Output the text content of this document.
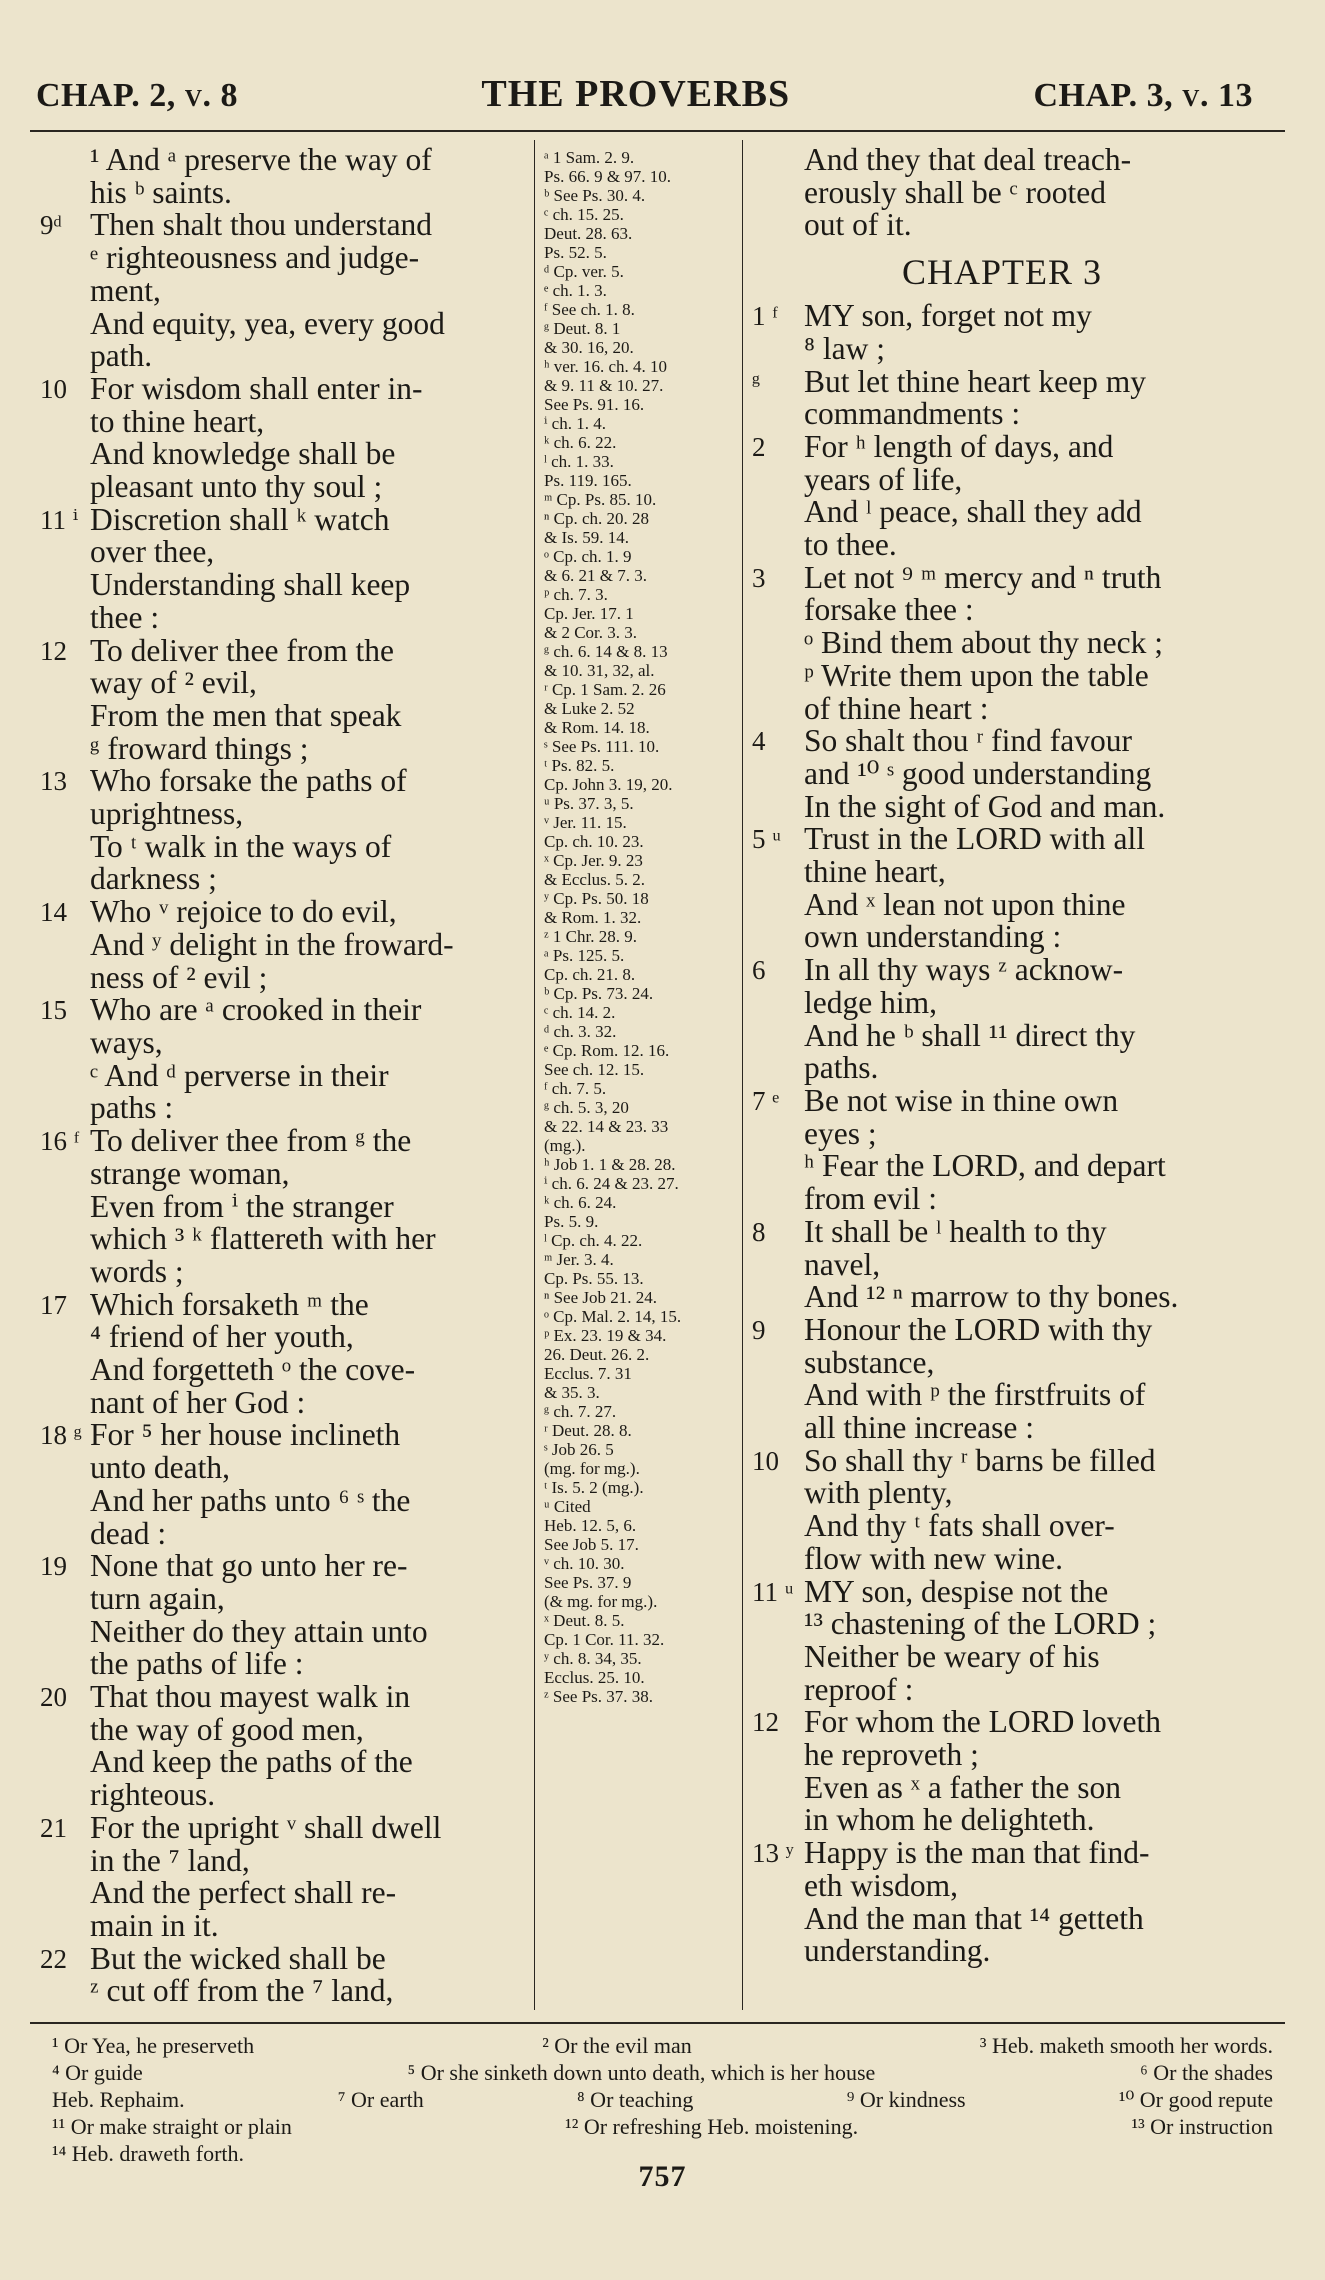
CHAP. 2, v. 8	THE PROVERBS	CHAP. 3, v. 13
¹ And ᵃ preserve the way of
his ᵇ saints.
9ᵈ Then shalt thou understand
ᵉ righteousness and judge-
ment,
And equity, yea, every good
path.
10 For wisdom shall enter in-
to thine heart,
And knowledge shall be
pleasant unto thy soul ;
11 ⁱ Discretion shall ᵏ watch
over thee,
Understanding shall keep
thee :
12 To deliver thee from the
way of ² evil,
From the men that speak
ᵍ froward things ;
13 Who forsake the paths of
uprightness,
To ᵗ walk in the ways of
darkness ;
14 Who ᵛ rejoice to do evil,
And ʸ delight in the froward-
ness of ² evil ;
15 Who are ᵃ crooked in their
ways,
ᶜ And ᵈ perverse in their
paths :
16 ᶠ To deliver thee from ᵍ the
strange woman,
Even from ⁱ the stranger
which ³ ᵏ flattereth with her
words ;
17 Which forsaketh ᵐ the
⁴ friend of her youth,
And forgetteth ᵒ the cove-
nant of her God :
18 ᵍ For ⁵ her house inclineth
unto death,
And her paths unto ⁶ ˢ the
dead :
19 None that go unto her re-
turn again,
Neither do they attain unto
the paths of life :
20 That thou mayest walk in
the way of good men,
And keep the paths of the
righteous.
21 For the upright ᵛ shall dwell
in the ⁷ land,
And the perfect shall re-
main in it.
22 But the wicked shall be
ᶻ cut off from the ⁷ land,
ᵃ 1 Sam. 2. 9.
Ps. 66. 9 & 97. 10.
ᵇ See Ps. 30. 4.
ᶜ ch. 15. 25.
Deut. 28. 63.
Ps. 52. 5.
ᵈ Cp. ver. 5.
ᵉ ch. 1. 3.
ᶠ See ch. 1. 8.
ᵍ Deut. 8. 1
& 30. 16, 20.
ʰ ver. 16. ch. 4. 10
& 9. 11 & 10. 27.
See Ps. 91. 16.
ⁱ ch. 1. 4.
ᵏ ch. 6. 22.
ˡ ch. 1. 33.
Ps. 119. 165.
ᵐ Cp. Ps. 85. 10.
ⁿ Cp. ch. 20. 28
& Is. 59. 14.
ᵒ Cp. ch. 1. 9
& 6. 21 & 7. 3.
ᵖ ch. 7. 3.
Cp. Jer. 17. 1
& 2 Cor. 3. 3.
ᵍ ch. 6. 14 & 8. 13
& 10. 31, 32, al.
ʳ Cp. 1 Sam. 2. 26
& Luke 2. 52
& Rom. 14. 18.
ˢ See Ps. 111. 10.
ᵗ Ps. 82. 5.
Cp. John 3. 19, 20.
ᵘ Ps. 37. 3, 5.
ᵛ Jer. 11. 15.
Cp. ch. 10. 23.
ˣ Cp. Jer. 9. 23
& Ecclus. 5. 2.
ʸ Cp. Ps. 50. 18
& Rom. 1. 32.
ᶻ 1 Chr. 28. 9.
ᵃ Ps. 125. 5.
Cp. ch. 21. 8.
ᵇ Cp. Ps. 73. 24.
ᶜ ch. 14. 2.
ᵈ ch. 3. 32.
ᵉ Cp. Rom. 12. 16.
See ch. 12. 15.
ᶠ ch. 7. 5.
ᵍ ch. 5. 3, 20
& 22. 14 & 23. 33
(mg.).
ʰ Job 1. 1 & 28. 28.
ⁱ ch. 6. 24 & 23. 27.
ᵏ ch. 6. 24.
Ps. 5. 9.
ˡ Cp. ch. 4. 22.
ᵐ Jer. 3. 4.
Cp. Ps. 55. 13.
ⁿ See Job 21. 24.
ᵒ Cp. Mal. 2. 14, 15.
ᵖ Ex. 23. 19 & 34.
26. Deut. 26. 2.
Ecclus. 7. 31
& 35. 3.
ᵍ ch. 7. 27.
ʳ Deut. 28. 8.
ˢ Job 26. 5
(mg. for mg.).
ᵗ Is. 5. 2 (mg.).
ᵘ Cited
Heb. 12. 5, 6.
See Job 5. 17.
ᵛ ch. 10. 30.
See Ps. 37. 9
(& mg. for mg.).
ˣ Deut. 8. 5.
Cp. 1 Cor. 11. 32.
ʸ ch. 8. 34, 35.
Ecclus. 25. 10.
ᶻ See Ps. 37. 38.
And they that deal treach-
erously shall be ᶜ rooted
out of it.
CHAPTER 3
1 ᶠ MY son, forget not my
⁸ law ;
ᵍ	But let thine heart keep my
commandments :
2	For ʰ length of days, and
years of life,
And ˡ peace, shall they add
to thee.
3	Let not ⁹ ᵐ mercy and ⁿ truth
forsake thee :
ᵒ Bind them about thy neck ;
ᵖ Write them upon the table
of thine heart :
4	So shalt thou ʳ find favour
and ¹⁰ ˢ good understanding
In the sight of God and man.
5 ᵘ Trust in the LORD with all
thine heart,
And ˣ lean not upon thine
own understanding :
6	In all thy ways ᶻ acknow-
ledge him,
And he ᵇ shall ¹¹ direct thy
paths.
7 ᵉ Be not wise in thine own
eyes ;
ʰ Fear the LORD, and depart
from evil :
8	It shall be ˡ health to thy
navel,
And ¹² ⁿ marrow to thy bones.
9	Honour the LORD with thy
substance,
And with ᵖ the firstfruits of
all thine increase :
10 So shall thy ʳ barns be filled
with plenty,
And thy ᵗ fats shall over-
flow with new wine.
11 ᵘ MY son, despise not the
¹³ chastening of the LORD ;
Neither be weary of his
reproof :
12 For whom the LORD loveth
he reproveth ;
Even as ˣ a father the son
in whom he delighteth.
13 ʸ Happy is the man that find-
eth wisdom,
And the man that ¹⁴ getteth
understanding.
¹ Or Yea, he preserveth	² Or the evil man	³ Heb. maketh smooth her words.
⁴ Or guide	⁵ Or she sinketh down unto death, which is her house	⁶ Or the shades
Heb. Rephaim.	⁷ Or earth	⁸ Or teaching	⁹ Or kindness	¹⁰ Or good repute
¹¹ Or make straight or plain	¹² Or refreshing Heb. moistening.	¹³ Or instruction
¹⁴ Heb. draweth forth.
757
